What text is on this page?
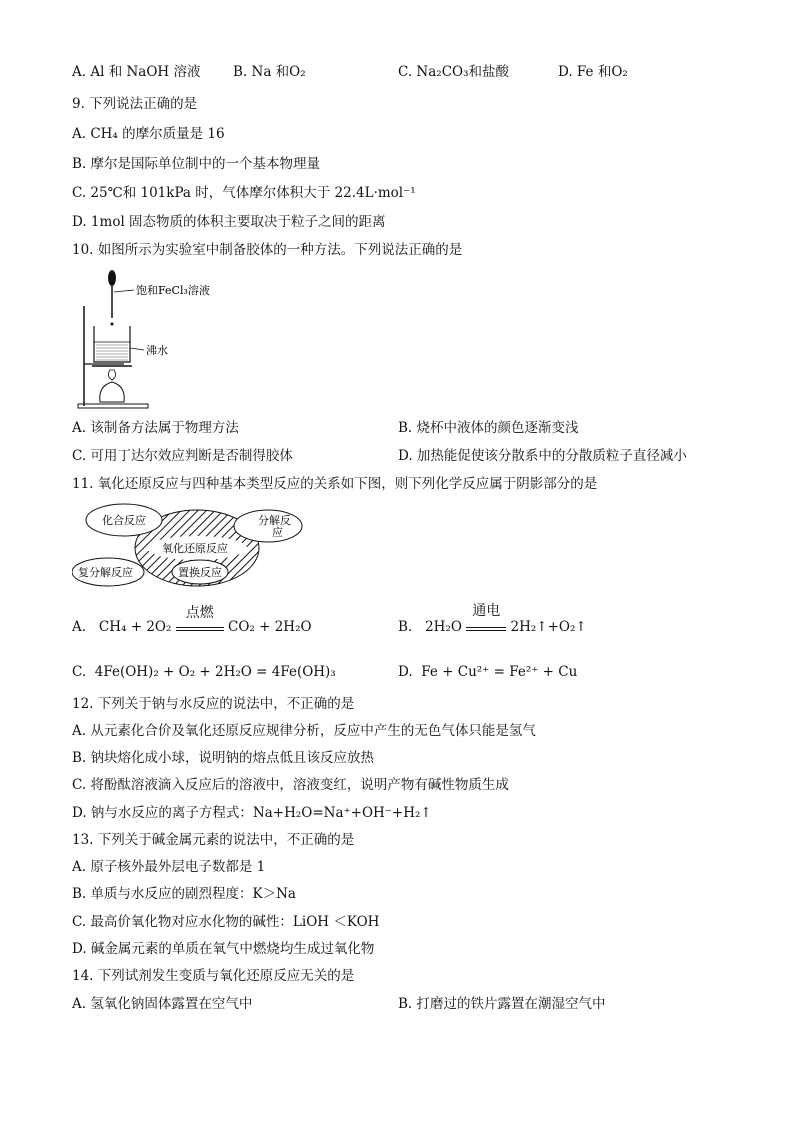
A. Al 和 NaOH 溶液 B. Na 和O₂	C. Na₂CO₃和盐酸	D. Fe 和O₂
9. 下列说法正确的是
A. CH₄ 的摩尔质量是 16
B. 摩尔是国际单位制中的一个基本物理量
C. 25℃和 101kPa 时，气体摩尔体积大于 22.4L·mol⁻¹
D. 1mol 固态物质的体积主要取决于粒子之间的距离
10. 如图所示为实验室中制备胶体的一种方法。下列说法正确的是
饱和FeCl₃溶液
沸水
A. 该制备方法属于物理方法	B. 烧杯中液体的颜色逐渐变浅
C. 可用丁达尔效应判断是否制得胶体	D. 加热能促使该分散系中的分散质粒子直径减小
11. 氧化还原反应与四种基本类型反应的关系如下图，则下列化学反应属于阴影部分的是
化合反应	分解反
应
氧化还原反应
复分解反应	置换反应
A. CH₄ + 2O₂
点燃
CO₂ + 2H₂O	B. 2H₂O
通电
2H₂↑+O₂↑
C. 4Fe(OH)₂ + O₂ + 2H₂O = 4Fe(OH)₃	D. Fe + Cu²⁺ = Fe²⁺ + Cu
12. 下列关于钠与水反应的说法中，不正确的是
A. 从元素化合价及氧化还原反应规律分析，反应中产生的无色气体只能是氢气
B. 钠块熔化成小球，说明钠的熔点低且该反应放热
C. 将酚酞溶液滴入反应后的溶液中，溶液变红，说明产物有碱性物质生成
D. 钠与水反应的离子方程式：Na+H₂O=Na⁺+OH⁻+H₂↑
13. 下列关于碱金属元素的说法中，不正确的是
A. 原子核外最外层电子数都是 1
B. 单质与水反应的剧烈程度：K＞Na
C. 最高价氧化物对应水化物的碱性：LiOH ＜KOH
D. 碱金属元素的单质在氧气中燃烧均生成过氧化物
14. 下列试剂发生变质与氧化还原反应无关的是
A. 氢氧化钠固体露置在空气中	B. 打磨过的铁片露置在潮湿空气中
